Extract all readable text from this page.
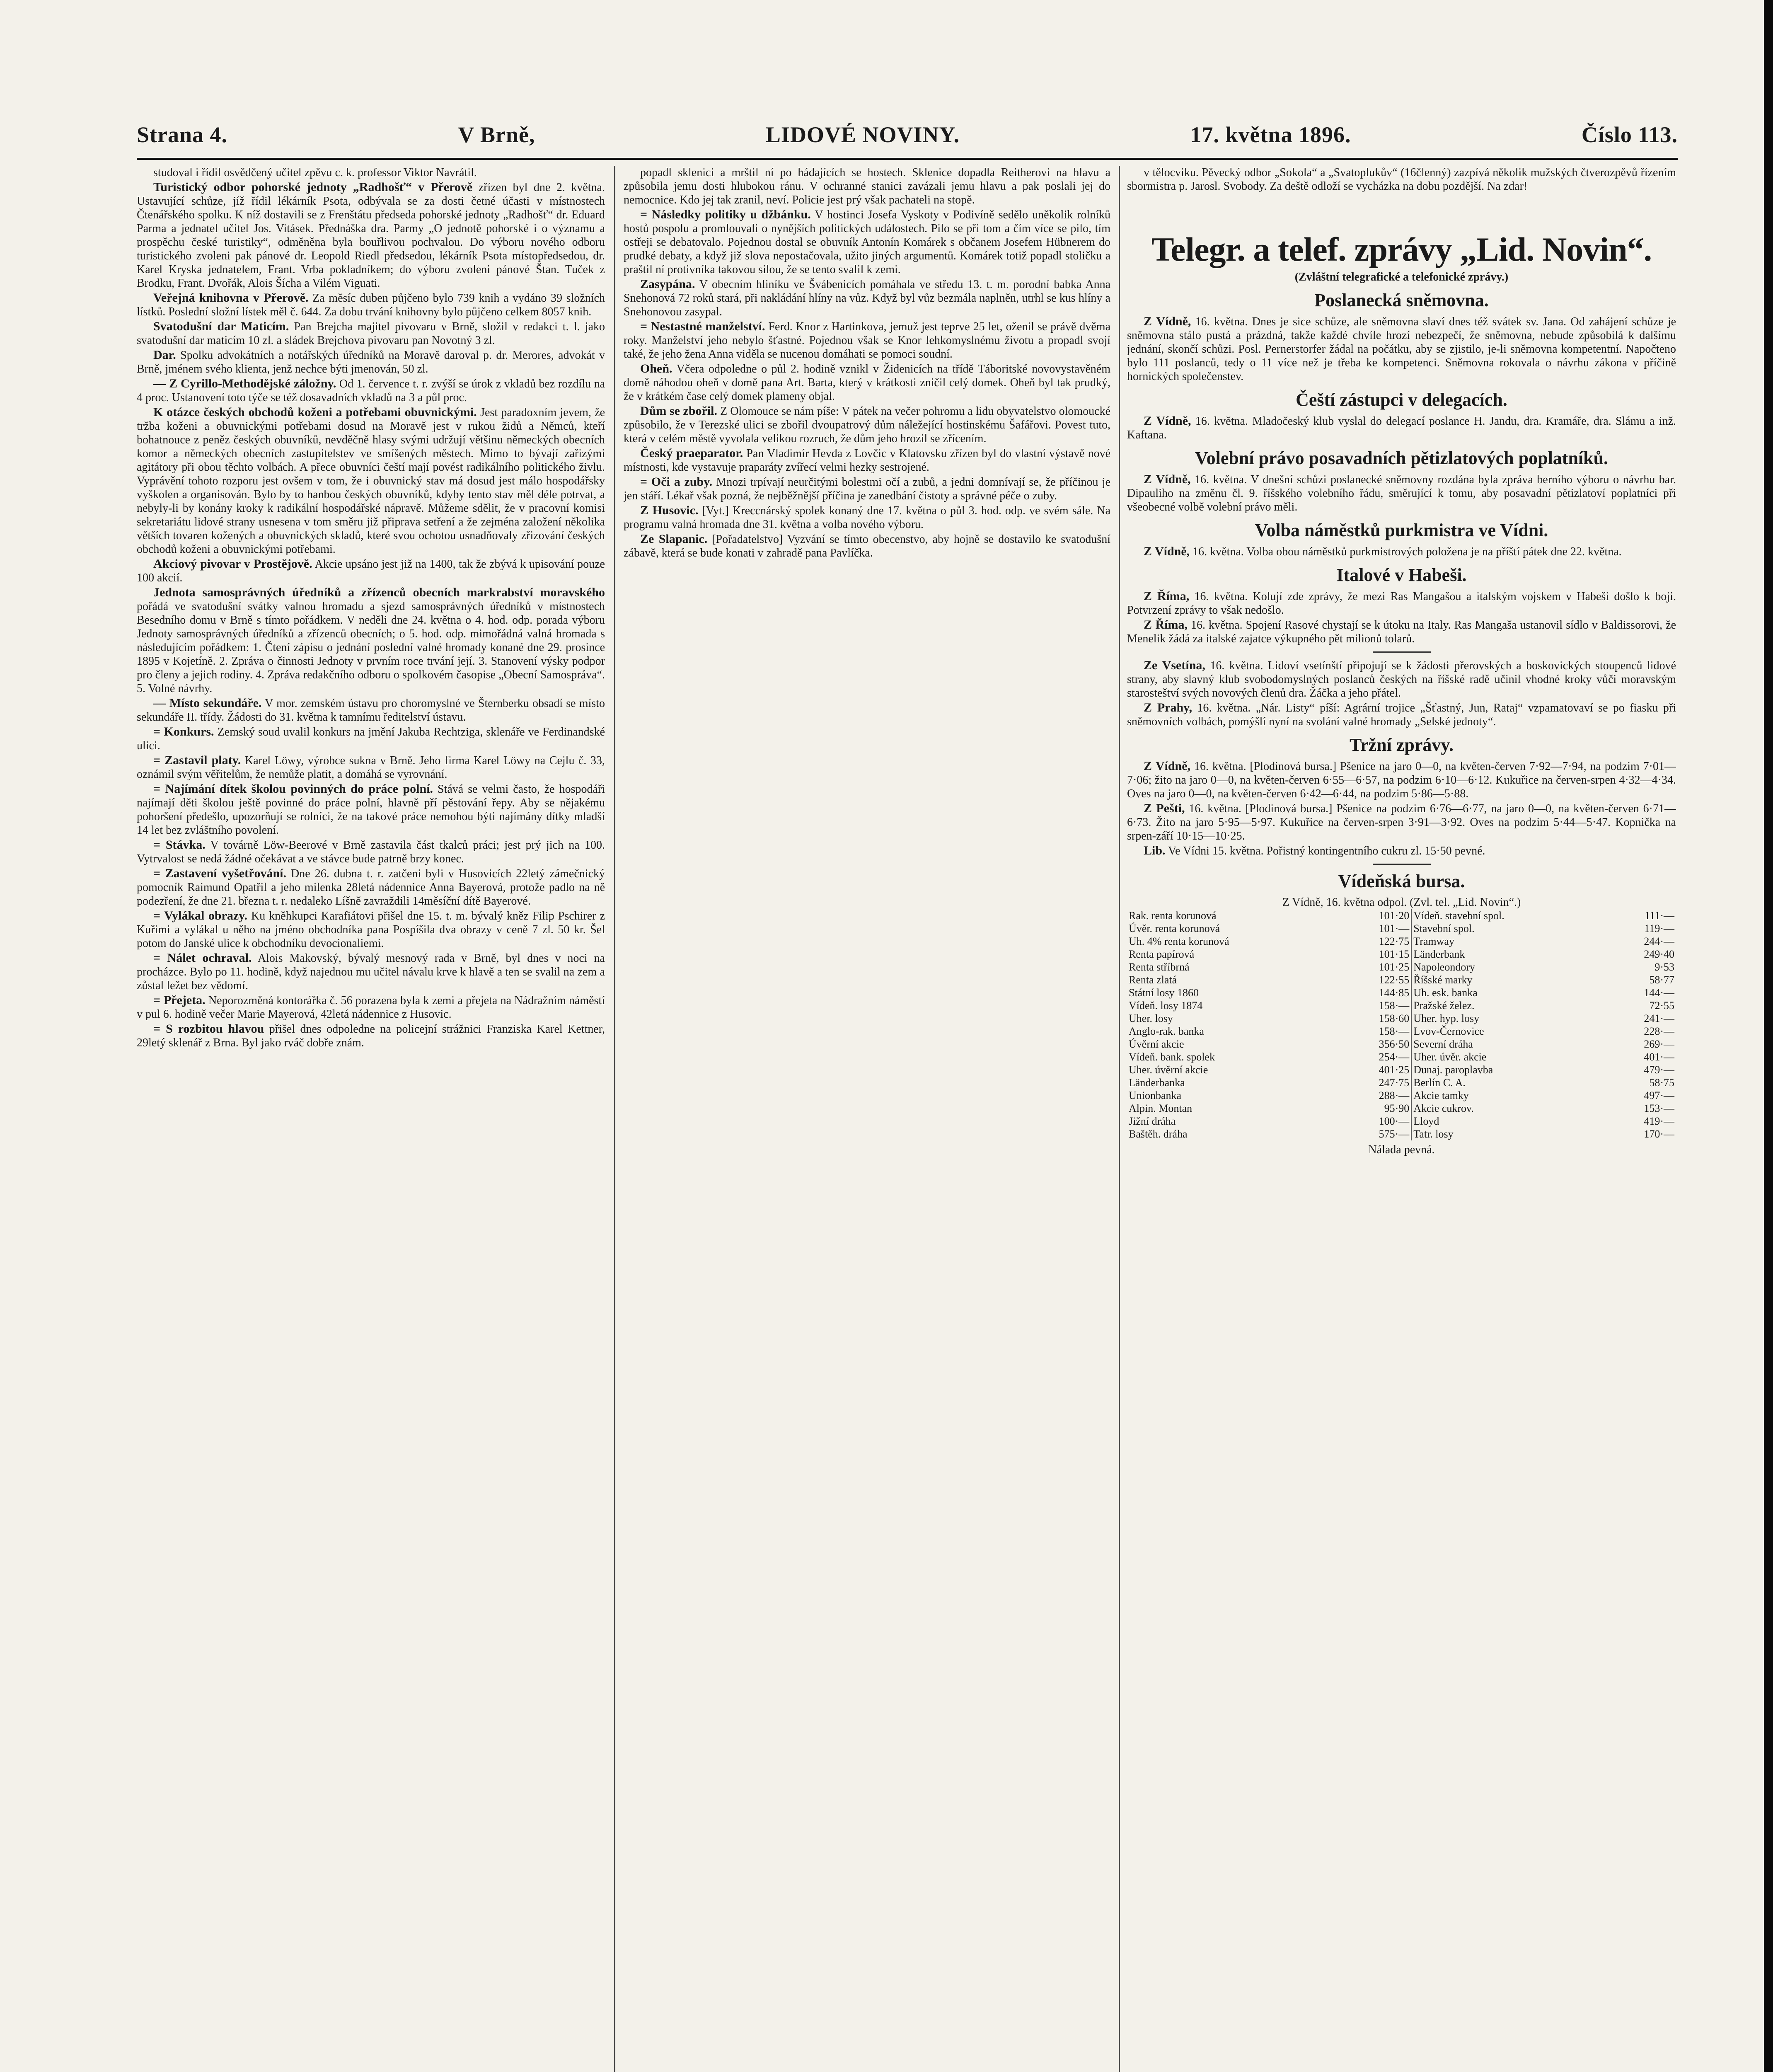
Strana 4.	V Brně,	LIDOVÉ NOVINY.	17. května 1896.	Číslo 113.

studoval i řídil osvědčený učitel zpěvu c. k. professor Viktor Navrátil.

Turistický odbor pohorské jednoty „Radhošť“ v Přerově zřízen byl dne 2. května. Ustavující schůze, jíž řídil lékárník Psota, odbývala se za dosti četné účasti v místnostech Čtenářského spolku. K níž dostavili se z Frenštátu předseda pohorské jednoty „Radhošť“ dr. Eduard Parma a jednatel učitel Jos. Vitásek. Přednáška dra. Parmy „O jednotě pohorské i o významu a prospěchu české turistiky“, odměněna byla bouřlivou pochvalou. Do výboru nového odboru turistického zvoleni pak pánové dr. Leopold Riedl předsedou, lékárník Psota místopředsedou, dr. Karel Kryska jednatelem, Frant. Vrba pokladníkem; do výboru zvoleni pánové Štan. Tuček z Brodku, Frant. Dvořák, Alois Šícha a Vilém Viguati.

Veřejná knihovna v Přerově. Za měsíc duben půjčeno bylo 739 knih a vydáno 39 složních lístků. Poslední složní lístek měl č. 644. Za dobu trvání knihovny bylo půjčeno celkem 8057 knih.

Svatodušní dar Maticím. Pan Brejcha majitel pivovaru v Brně, složil v redakci t. l. jako svatodušní dar maticím 10 zl. a sládek Brejchova pivovaru pan Novotný 3 zl.

Dar. Spolku advokátních a notářských úředníků na Moravě daroval p. dr. Merores, advokát v Brně, jménem svého klienta, jenž nechce býti jmenován, 50 zl.

— Z Cyrillo-Methodějské záložny. Od 1. července t. r. zvýší se úrok z vkladů bez rozdílu na 4 proc. Ustanovení toto týče se též dosavadních vkladů na 3 a půl proc.

K otázce českých obchodů koženi a potřebami obuvnickými. Jest paradoxním jevem, že tržba koženi a obuvnickými potřebami dosud na Moravě jest v rukou židů a Němců, kteří bohatnouce z peněz českých obuvníků, nevděčně hlasy svými udržují většinu německých obecních komor a německých obecních zastupitelstev ve smíšených městech. Mimo to bývají zařizými agitátory při obou těchto volbách. A přece obuvníci čeští mají povést radikálního politického živlu. Vyprávění tohoto rozporu jest ovšem v tom, že i obuvnický stav má dosud jest málo hospodářsky vyškolen a organisován. Bylo by to hanbou českých obuvníků, kdyby tento stav měl déle potrvat, a nebyly-li by konány kroky k radikální hospodářské nápravě. Můžeme sdělit, že v pracovní komisi sekretariátu lidové strany usnesena v tom směru již připrava setření a že zejména založení několika větších tovaren kožených a obuvnických skladů, které svou ochotou usnadňovaly zřizování českých obchodů koženi a obuvnickými potřebami.

Akciový pivovar v Prostějově. Akcie upsáno jest již na 1400, tak že zbývá k upisování pouze 100 akcií.

Jednota samosprávných úředníků a zřízenců obecních markrabství moravského pořádá ve svatodušní svátky valnou hromadu a sjezd samosprávných úředníků v místnostech Besedního domu v Brně s tímto pořádkem. V neděli dne 24. května o 4. hod. odp. porada výboru Jednoty samosprávných úředníků a zřízenců obecních; o 5. hod. odp. mimořádná valná hromada s následujícím pořádkem: 1. Čtení zápisu o jednání poslední valné hromady konané dne 29. prosince 1895 v Kojetíně. 2. Zpráva o činnosti Jednoty v prvním roce trvání její. 3. Stanovení výsky podpor pro členy a jejich rodiny. 4. Zpráva redakčního odboru o spolkovém časopise „Obecní Samospráva“. 5. Volné návrhy.

— Místo sekundáře. V mor. zemském ústavu pro choromyslné ve Šternberku obsadí se místo sekundáře II. třídy. Žádosti do 31. května k tamnímu ředitelství ústavu.

= Konkurs. Zemský soud uvalil konkurs na jmění Jakuba Rechtziga, sklenáře ve Ferdinandské ulici.

= Zastavil platy. Karel Löwy, výrobce sukna v Brně. Jeho firma Karel Löwy na Cejlu č. 33, oznámil svým věřitelům, že nemůže platit, a domáhá se vyrovnání.

= Najímání dítek školou povinných do práce polní. Stává se velmi často, že hospodáři najímají děti školou ještě povinné do práce polní, hlavně pří pěstování řepy. Aby se nějakému pohoršení předešlo, upozorňují se rolníci, že na takové práce nemohou býti najímány dítky mladší 14 let bez zvláštního povolení.

= Stávka. V továrně Löw-Beerové v Brně zastavila část tkalců práci; jest prý jich na 100. Vytrvalost se nedá žádné očekávat a ve stávce bude patrně brzy konec.

= Zastavení vyšetřování. Dne 26. dubna t. r. zatčeni byli v Husovicích 22letý zámečnický pomocník Raimund Opatřil a jeho milenka 28letá nádennice Anna Bayerová, protože padlo na ně podezření, že dne 21. března t. r. nedaleko Líšně zavraždili 14měsíční dítě Bayerové.

= Vylákal obrazy. Ku kněhkupci Karafiátovi přišel dne 15. t. m. bývalý kněz Filip Pschirer z Kuřimi a vylákal u něho na jméno obchodníka pana Pospíšila dva obrazy v ceně 7 zl. 50 kr. Šel potom do Janské ulice k obchodníku devocionaliemi.

= Nálet ochraval. Alois Makovský, bývalý mesnový rada v Brně, byl dnes v noci na procházce. Bylo po 11. hodině, když najednou mu učitel návalu krve k hlavě a ten se svalil na zem a zůstal ležet bez vědomí.

= Přejeta. Neporozměná kontorářka č. 56 porazena byla k zemi a přejeta na Nádražním náměstí v pul 6. hodině večer Marie Mayerová, 42letá nádennice z Husovic.

= S rozbitou hlavou přišel dnes odpoledne na policejní strážnici Franziska Karel Kettner, 29letý sklenář z Brna. Byl jako rváč dobře znám.

popadl sklenici a mrštil ní po hádajících se hostech. Sklenice dopadla Reitherovi na hlavu a způsobila jemu dosti hlubokou ránu. V ochranné stanici zavázali jemu hlavu a pak poslali jej do nemocnice. Kdo jej tak zranil, neví. Policie jest prý však pachateli na stopě.

= Následky politiky u džbánku. V hostinci Josefa Vyskoty v Podivíně sedělo uněkolik rolníků hostů pospolu a promlouvali o nynějších politických událostech. Pilo se při tom a čím více se pilo, tím ostřeji se debatovalo. Pojednou dostal se obuvník Antonín Komárek s občanem Josefem Hübnerem do prudké debaty, a když již slova nepostačovala, užito jiných argumentů. Komárek totiž popadl stoličku a praštil ní protivníka takovou silou, že se tento svalil k zemi.

Zasypána. V obecním hliníku ve Švábenicích pomáhala ve středu 13. t. m. porodní babka Anna Snehonová 72 roků stará, při nakládání hlíny na vůz. Když byl vůz bezmála naplněn, utrhl se kus hlíny a Snehonovou zasypal.

= Nestastné manželství. Ferd. Knor z Hartinkova, jemuž jest teprve 25 let, oženil se právě dvěma roky. Manželství jeho nebylo šťastné. Pojednou však se Knor lehkomyslnému životu a propadl svojí také, že jeho žena Anna viděla se nucenou domáhati se pomoci soudní.

Oheň. Včera odpoledne o půl 2. hodině vznikl v Židenicích na třídě Táboritské novovystavěném domě náhodou oheň v domě pana Art. Barta, který v krátkosti zničil celý domek. Oheň byl tak prudký, že v krátkém čase celý domek plameny objal.

Dům se zbořil. Z Olomouce se nám píše: V pátek na večer pohromu a lidu obyvatelstvo olomoucké způsobilo, že v Terezské ulici se zbořil dvoupatrový dům náležející hostinskému Šafářovi. Povest tuto, která v celém městě vyvolala velikou rozruch, že dům jeho hrozil se zřícením.

Český praeparator. Pan Vladimír Hevda z Lovčic v Klatovsku zřízen byl do vlastní výstavě nové místnosti, kde vystavuje praparáty zvířecí velmi hezky sestrojené.

= Oči a zuby. Mnozi trpívají neurčitými bolestmi očí a zubů, a jedni domnívají se, že příčinou je jen stáří. Lékař však pozná, že nejběžnější příčina je zanedbání čistoty a správné péče o zuby.

Z Husovic. [Vyt.] Kreccnárský spolek konaný dne 17. května o půl 3. hod. odp. ve svém sále. Na programu valná hromada dne 31. května a volba nového výboru.

Ze Slapanic. [Pořadatelstvo] Vyzvání se tímto obecenstvo, aby hojně se dostavilo ke svatodušní zábavě, která se bude konati v zahradě pana Pavlíčka.

v tělocviku. Pěvecký odbor „Sokola“ a „Svatoplukův“ (16členný) zazpívá několik mužských čtverozpěvů řízením sbormistra p. Jarosl. Svobody. Za deště odloží se vycházka na dobu pozdější. Na zdar!

Telegr. a telef. zprávy „Lid. Novin“.
(Zvláštní telegrafické a telefonické zprávy.)
Poslanecká sněmovna.

Z Vídně, 16. května. Dnes je sice schůze, ale sněmovna slaví dnes též svátek sv. Jana. Od zahájení schůze je sněmovna stálo pustá a prázdná, takže každé chvíle hrozí nebezpečí, že sněmovna, nebude způsobilá k dalšímu jednání, skončí schůzi. Posl. Pernerstorfer žádal na počátku, aby se zjistilo, je-li sněmovna kompetentní. Napočteno bylo 111 poslanců, tedy o 11 více než je třeba ke kompetenci. Sněmovna rokovala o návrhu zákona v příčině hornických společenstev.

Čeští zástupci v delegacích.

Z Vídně, 16. května. Mladočeský klub vyslal do delegací poslance H. Jandu, dra. Kramáře, dra. Slámu a inž. Kaftana.

Volební právo posavadních pětizlatových poplatníků.

Z Vídně, 16. května. V dnešní schůzi poslanecké sněmovny rozdána byla zpráva berního výboru o návrhu bar. Dipauliho na změnu čl. 9. říšského volebního řádu, směrující k tomu, aby posavadní pětizlatoví poplatníci při všeobecné volbě volební právo měli.

Volba náměstků purkmistra ve Vídni.

Z Vídně, 16. května. Volba obou náměstků purkmistrových položena je na příští pátek dne 22. května.

Italové v Habeši.

Z Říma, 16. května. Kolují zde zprávy, že mezi Ras Mangašou a italským vojskem v Habeši došlo k boji. Potvrzení zprávy to však nedošlo.

Z Říma, 16. května. Spojení Rasové chystají se k útoku na Italy. Ras Mangaša ustanovil sídlo v Baldissorovi, že Menelik žádá za italské zajatce výkupného pět milionů tolarů.

Ze Vsetína, 16. května. Lidoví vsetínští připojují se k žádosti přerovských a boskovických stoupenců lidové strany, aby slavný klub svobodomyslných poslanců českých na říšské radě učinil vhodné kroky vůči moravským starosteštví svých novových členů dra. Žáčka a jeho přátel.

Z Prahy, 16. května. „Nár. Listy“ píší: Agrární trojice „Šťastný, Jun, Rataj“ vzpamatovaví se po fiasku při sněmovních volbách, pomýšlí nyní na svolání valné hromady „Selské jednoty“.

Tržní zprávy.

Z Vídně, 16. května. [Plodinová bursa.] Pšenice na jaro 0—0, na květen-červen 7·92—7·94, na podzim 7·01—7·06; žito na jaro 0—0, na květen-červen 6·55—6·57, na podzim 6·10—6·12. Kukuřice na červen-srpen 4·32—4·34. Oves na jaro 0—0, na květen-červen 6·42—6·44, na podzim 5·86—5·88.

Z Pešti, 16. května. [Plodinová bursa.] Pšenice na podzim 6·76—6·77, na jaro 0—0, na květen-červen 6·71—6·73. Žito na jaro 5·95—5·97. Kukuřice na červen-srpen 3·91—3·92. Oves na podzim 5·44—5·47. Kopnička na srpen-září 10·15—10·25.

Lib. Ve Vídni 15. května. Pořistný kontingentního cukru zl. 15·50 pevné.

Vídeňská bursa.
Z Vídně, 16. května odpol. (Zvl. tel. „Lid. Novin“.)
Rak. renta korunová	101·20	Vídeň. stavební spol.	111·—
Úvěr. renta korunová	101·—	Stavební spol.	119·—
Uh. 4% renta korunová	122·75	Tramway	244·—
Renta papírová	101·15	Länderbank	249·40
Renta stříbrná	101·25	Napoleondory	9·53
Renta zlatá	122·55	Říšské marky	58·77
Státní losy 1860	144·85	Uh. esk. banka	144·—
Vídeň. losy 1874	158·—	Pražské želez.	72·55
Uher. losy	158·60	Uher. hyp. losy	241·—
Anglo-rak. banka	158·—	Lvov-Černovice	228·—
Úvěrní akcie	356·50	Severní dráha	269·—
Vídeň. bank. spolek	254·—	Uher. úvěr. akcie	401·—
Uher. úvěrní akcie	401·25	Dunaj. paroplavba	479·—
Länderbanka	247·75	Berlín C. A.	58·75
Unionbanka	288·—	Akcie tamky	497·—
Alpin. Montan	95·90	Akcie cukrov.	153·—
Jižní dráha	100·—	Lloyd	419·—
Baštěh. dráha	575·—	Tatr. losy	170·—
Nálada pevná.
